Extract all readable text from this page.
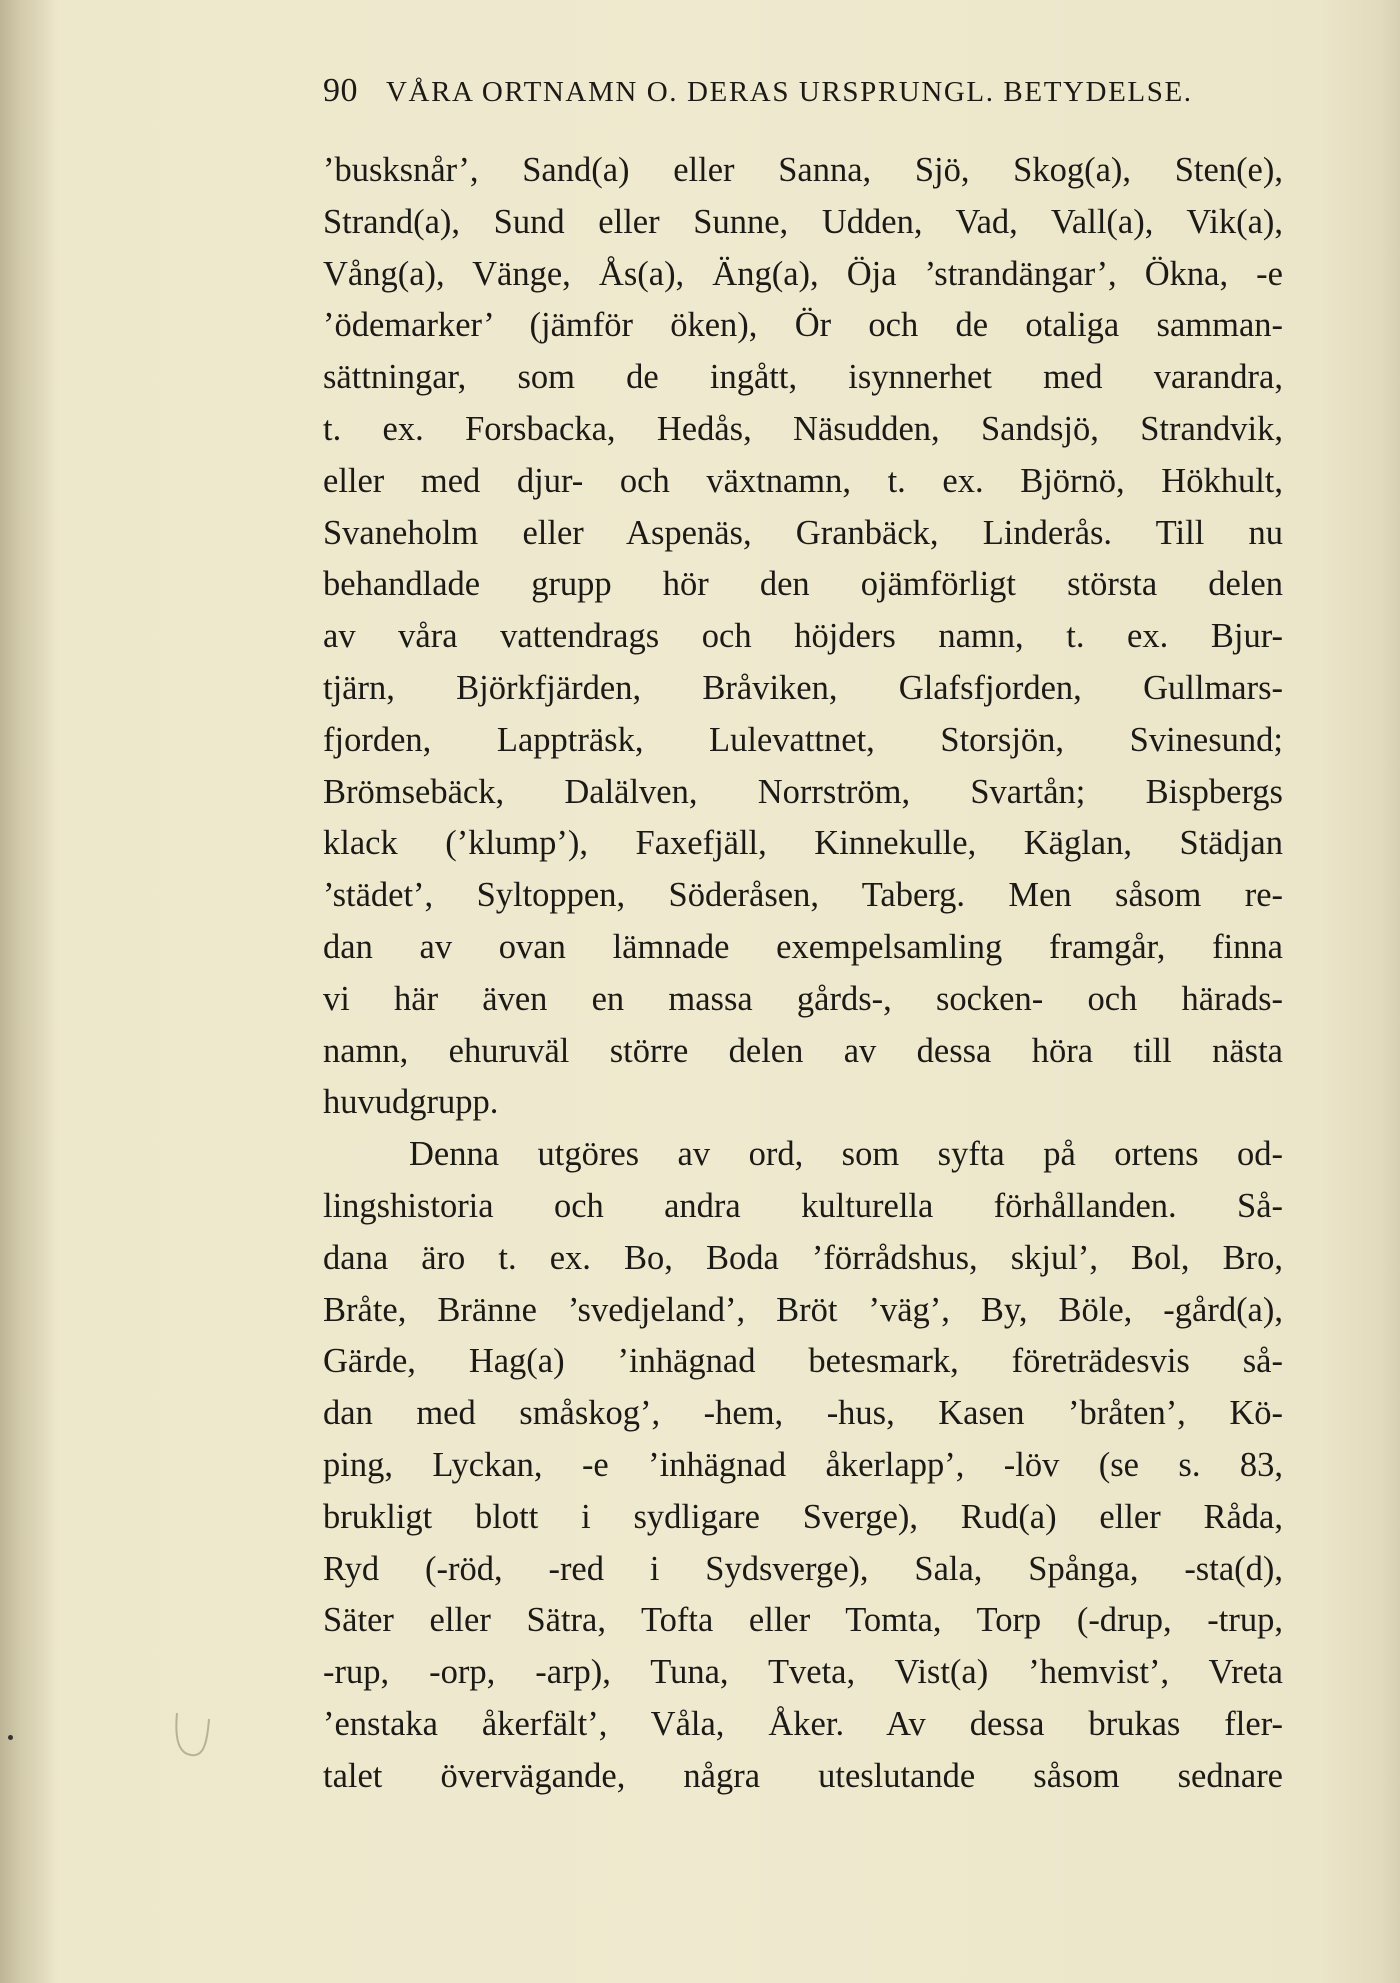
90 VÅRA ORTNAMN O. DERAS URSPRUNGL. BETYDELSE.
’busksnår’, Sand(a) eller Sanna, Sjö, Skog(a), Sten(e),
Strand(a), Sund eller Sunne, Udden, Vad, Vall(a), Vik(a),
Vång(a), Vänge, Ås(a), Äng(a), Öja ’strandängar’, Ökna, -e
’ödemarker’ (jämför öken), Ör och de otaliga samman-
sättningar, som de ingått, isynnerhet med varandra,
t. ex. Forsbacka, Hedås, Näsudden, Sandsjö, Strandvik,
eller med djur- och växtnamn, t. ex. Björnö, Hökhult,
Svaneholm eller Aspenäs, Granbäck, Linderås. Till nu
behandlade grupp hör den ojämförligt största delen
av våra vattendrags och höjders namn, t. ex. Bjur-
tjärn, Björkfjärden, Bråviken, Glafsfjorden, Gullmars-
fjorden, Lappträsk, Lulevattnet, Storsjön, Svinesund;
Brömsebäck, Dalälven, Norrström, Svartån; Bispbergs
klack (’klump’), Faxefjäll, Kinnekulle, Käglan, Städjan
’städet’, Syltoppen, Söderåsen, Taberg. Men såsom re-
dan av ovan lämnade exempelsamling framgår, finna
vi här även en massa gårds-, socken- och härads-
namn, ehuruväl större delen av dessa höra till nästa
huvudgrupp.
Denna utgöres av ord, som syfta på ortens od-
lingshistoria och andra kulturella förhållanden. Så-
dana äro t. ex. Bo, Boda ’förrådshus, skjul’, Bol, Bro,
Bråte, Bränne ’svedjeland’, Bröt ’väg’, By, Böle, -gård(a),
Gärde, Hag(a) ’inhägnad betesmark, företrädesvis så-
dan med småskog’, -hem, -hus, Kasen ’bråten’, Kö-
ping, Lyckan, -e ’inhägnad åkerlapp’, -löv (se s. 83,
brukligt blott i sydligare Sverge), Rud(a) eller Råda,
Ryd (-röd, -red i Sydsverge), Sala, Spånga, -sta(d),
Säter eller Sätra, Tofta eller Tomta, Torp (-drup, -trup,
-rup, -orp, -arp), Tuna, Tveta, Vist(a) ’hemvist’, Vreta
’enstaka åkerfält’, Våla, Åker. Av dessa brukas fler-
talet övervägande, några uteslutande såsom sednare
